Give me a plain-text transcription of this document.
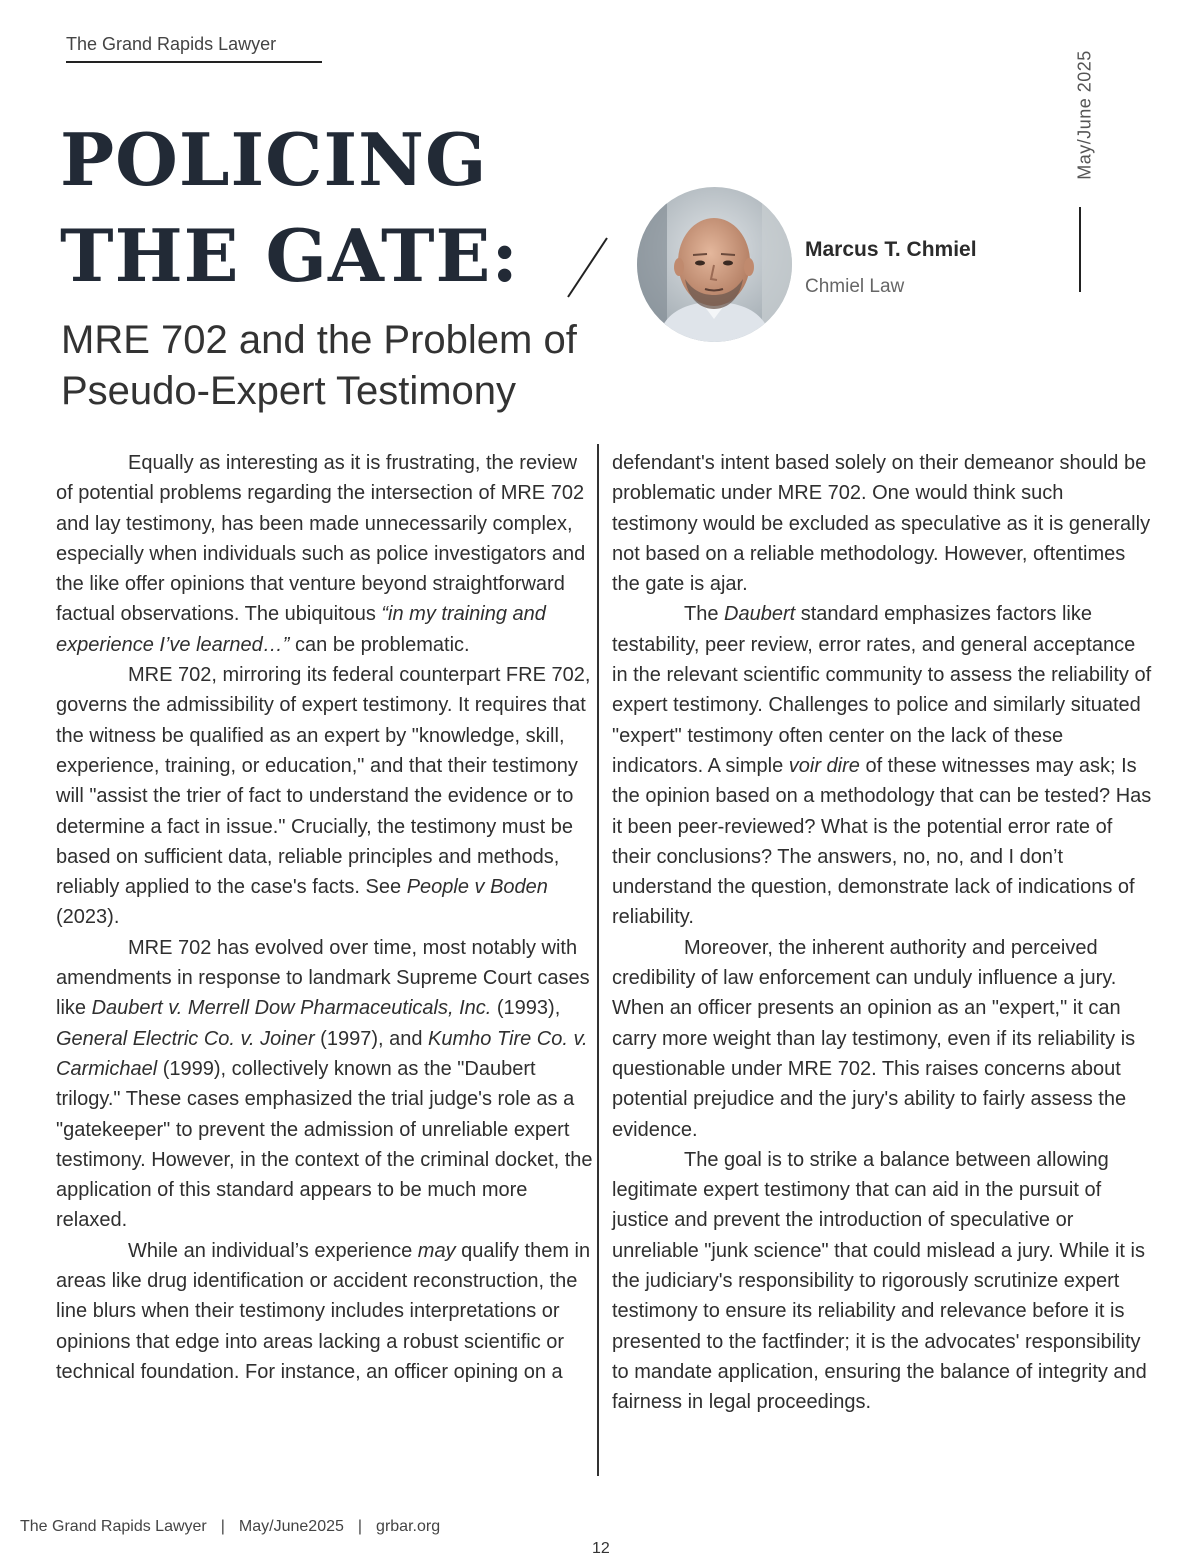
The Grand Rapids Lawyer
May/June 2025
POLICING
THE GATE:
MRE 702 and the Problem of Pseudo-Expert Testimony
Marcus T. Chmiel
Chmiel Law

Equally as interesting as it is frustrating, the review of potential problems regarding the intersection of MRE 702 and lay testimony, has been made unnecessarily complex, especially when individuals such as police investigators and the like offer opinions that venture beyond straightforward factual observations. The ubiquitous “in my training and experience I’ve learned…” can be problematic.

MRE 702, mirroring its federal counterpart FRE 702, governs the admissibility of expert testimony. It requires that the witness be qualified as an expert by "knowledge, skill, experience, training, or education," and that their testimony will "assist the trier of fact to understand the evidence or to determine a fact in issue." Crucially, the testimony must be based on sufficient data, reliable principles and methods, reliably applied to the case's facts. See People v Boden (2023).

MRE 702 has evolved over time, most notably with amendments in response to landmark Supreme Court cases like Daubert v. Merrell Dow Pharmaceuticals, Inc. (1993), General Electric Co. v. Joiner (1997), and Kumho Tire Co. v. Carmichael (1999), collectively known as the "Daubert trilogy." These cases emphasized the trial judge's role as a "gatekeeper" to prevent the admission of unreliable expert testimony. However, in the context of the criminal docket, the application of this standard appears to be much more relaxed.

While an individual’s experience may qualify them in areas like drug identification or accident reconstruction, the line blurs when their testimony includes interpretations or opinions that edge into areas lacking a robust scientific or technical foundation. For instance, an officer opining on a

defendant's intent based solely on their demeanor should be problematic under MRE 702. One would think such testimony would be excluded as speculative as it is generally not based on a reliable methodology. However, oftentimes the gate is ajar.

The Daubert standard emphasizes factors like testability, peer review, error rates, and general acceptance in the relevant scientific community to assess the reliability of expert testimony. Challenges to police and similarly situated "expert" testimony often center on the lack of these indicators. A simple voir dire of these witnesses may ask; Is the opinion based on a methodology that can be tested? Has it been peer-reviewed? What is the potential error rate of their conclusions? The answers, no, no, and I don’t understand the question, demonstrate lack of indications of reliability.

Moreover, the inherent authority and perceived credibility of law enforcement can unduly influence a jury. When an officer presents an opinion as an "expert," it can carry more weight than lay testimony, even if its reliability is questionable under MRE 702. This raises concerns about potential prejudice and the jury's ability to fairly assess the evidence.

The goal is to strike a balance between allowing legitimate expert testimony that can aid in the pursuit of justice and prevent the introduction of speculative or unreliable "junk science" that could mislead a jury. While it is the judiciary's responsibility to rigorously scrutinize expert testimony to ensure its reliability and relevance before it is presented to the factfinder; it is the advocates' responsibility to mandate application, ensuring the balance of integrity and fairness in legal proceedings.

The Grand Rapids Lawyer | May/June2025 | grbar.org
12
